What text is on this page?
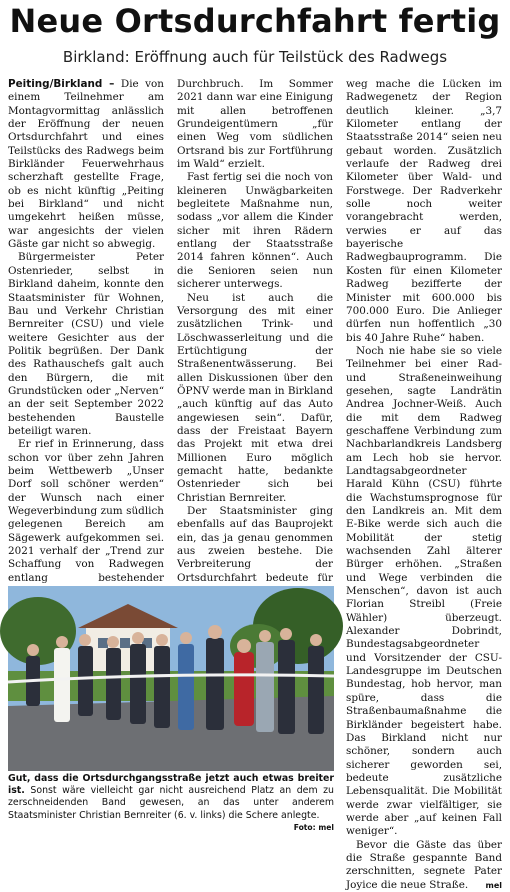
Neue Ortsdurchfahrt fertig
Birkland: Eröffnung auch für Teilstück des Radwegs

Peiting/Birkland – Die von einem Teilnehmer am Montagvormittag anlässlich der Eröffnung der neuen Ortsdurchfahrt und eines Teilstücks des Radwegs beim Birkländer Feuerwehrhaus scherzhaft gestellte Frage, ob es nicht künftig „Peiting bei Birkland“ und nicht umgekehrt heißen müsse, war angesichts der vielen Gäste gar nicht so abwegig.

Bürgermeister Peter Ostenrieder, selbst in Birkland daheim, konnte den Staatsminister für Wohnen, Bau und Verkehr Christian Bernreiter (CSU) und viele weitere Gesichter aus der Politik begrüßen. Der Dank des Rathauschefs galt auch den Bürgern, die mit Grundstücken oder „Nerven“ an der seit September 2022 bestehenden Baustelle beteiligt waren.

Er rief in Erinnerung, dass schon vor über zehn Jahren beim Wettbewerb „Unser Dorf soll schöner werden“ der Wunsch nach einer Wegeverbindung zum südlich gelegenen Bereich am Sägewerk aufgekommen sei. 2021 verhalf der „Trend zur Schaffung von Radwegen entlang bestehender

Durchbruch. Im Sommer 2021 dann war eine Einigung mit allen betroffenen Grundeigentümern „für einen Weg vom südlichen Ortsrand bis zur Fortführung im Wald“ erzielt.

Fast fertig sei die noch von kleineren Unwägbarkeiten begleitete Maßnahme nun, sodass „vor allem die Kinder sicher mit ihren Rädern entlang der Staatsstraße 2014 fahren können“. Auch die Senioren seien nun sicherer unterwegs.

Neu ist auch die Versorgung des mit einer zusätzlichen Trink- und Löschwasserleitung und die Ertüchtigung der Straßenentwässerung. Bei allen Diskussionen über den ÖPNV werde man in Birkland „auch künftig auf das Auto angewiesen sein“. Dafür, dass der Freistaat Bayern das Projekt mit etwa drei Millionen Euro möglich gemacht hatte, bedankte Ostenrieder sich bei Christian Bernreiter.

Der Staatsminister ging ebenfalls auf das Bauprojekt ein, das ja genau genommen aus zweien bestehe. Die Verbreiterung der Ortsdurchfahrt bedeute für

weg mache die Lücken im Radwegenetz der Region deutlich kleiner. „3,7 Kilometer entlang der Staatsstraße 2014“ seien neu gebaut worden. Zusätzlich verlaufe der Radweg drei Kilometer über Wald- und Forstwege. Der Radverkehr solle noch weiter vorangebracht werden, verwies er auf das bayerische Radwegbauprogramm. Die Kosten für einen Kilometer Radweg bezifferte der Minister mit 600.000 bis 700.000 Euro. Die Anlieger dürfen nun hoffentlich „30 bis 40 Jahre Ruhe“ haben.

Noch nie habe sie so viele Teilnehmer bei einer Rad- und Straßeneinweihung gesehen, sagte Landrätin Andrea Jochner-Weiß. Auch die mit dem Radweg geschaffene Verbindung zum Nachbarlandkreis Landsberg am Lech hob sie hervor. Landtagsabgeordneter Harald Kühn (CSU) führte die Wachstumsprognose für den Landkreis an. Mit dem E-Bike werde sich auch die Mobilität der stetig wachsenden Zahl älterer Bürger erhöhen. „Straßen und Wege verbinden die Menschen“, davon ist auch Florian Streibl (Freie Wähler) überzeugt. Alexander Dobrindt, Bundestagsabgeordneter und Vorsitzender der CSU-Landesgruppe im Deutschen Bundestag, hob hervor, man spüre, dass die Straßenbaumaßnahme die Birkländer begeistert habe. Das Birkland nicht nur schöner, sondern auch sicherer geworden sei, bedeute zusätzliche Lebensqualität. Die Mobilität werde zwar vielfältiger, sie werde aber „auf keinen Fall weniger“.

Bevor die Gäste das über die Straße gespannte Band zerschnitten, segnete Pater Joyice die neue Straße.	mel

Gut, dass die Ortsdurchgangsstraße jetzt auch etwas breiter ist. Sonst wäre vielleicht gar nicht ausreichend Platz an dem zu zerschneidenden Band gewesen, an das unter anderem Staatsminister Christian Bernreiter (6. v. links) die Schere anlegte.
Foto: mel
